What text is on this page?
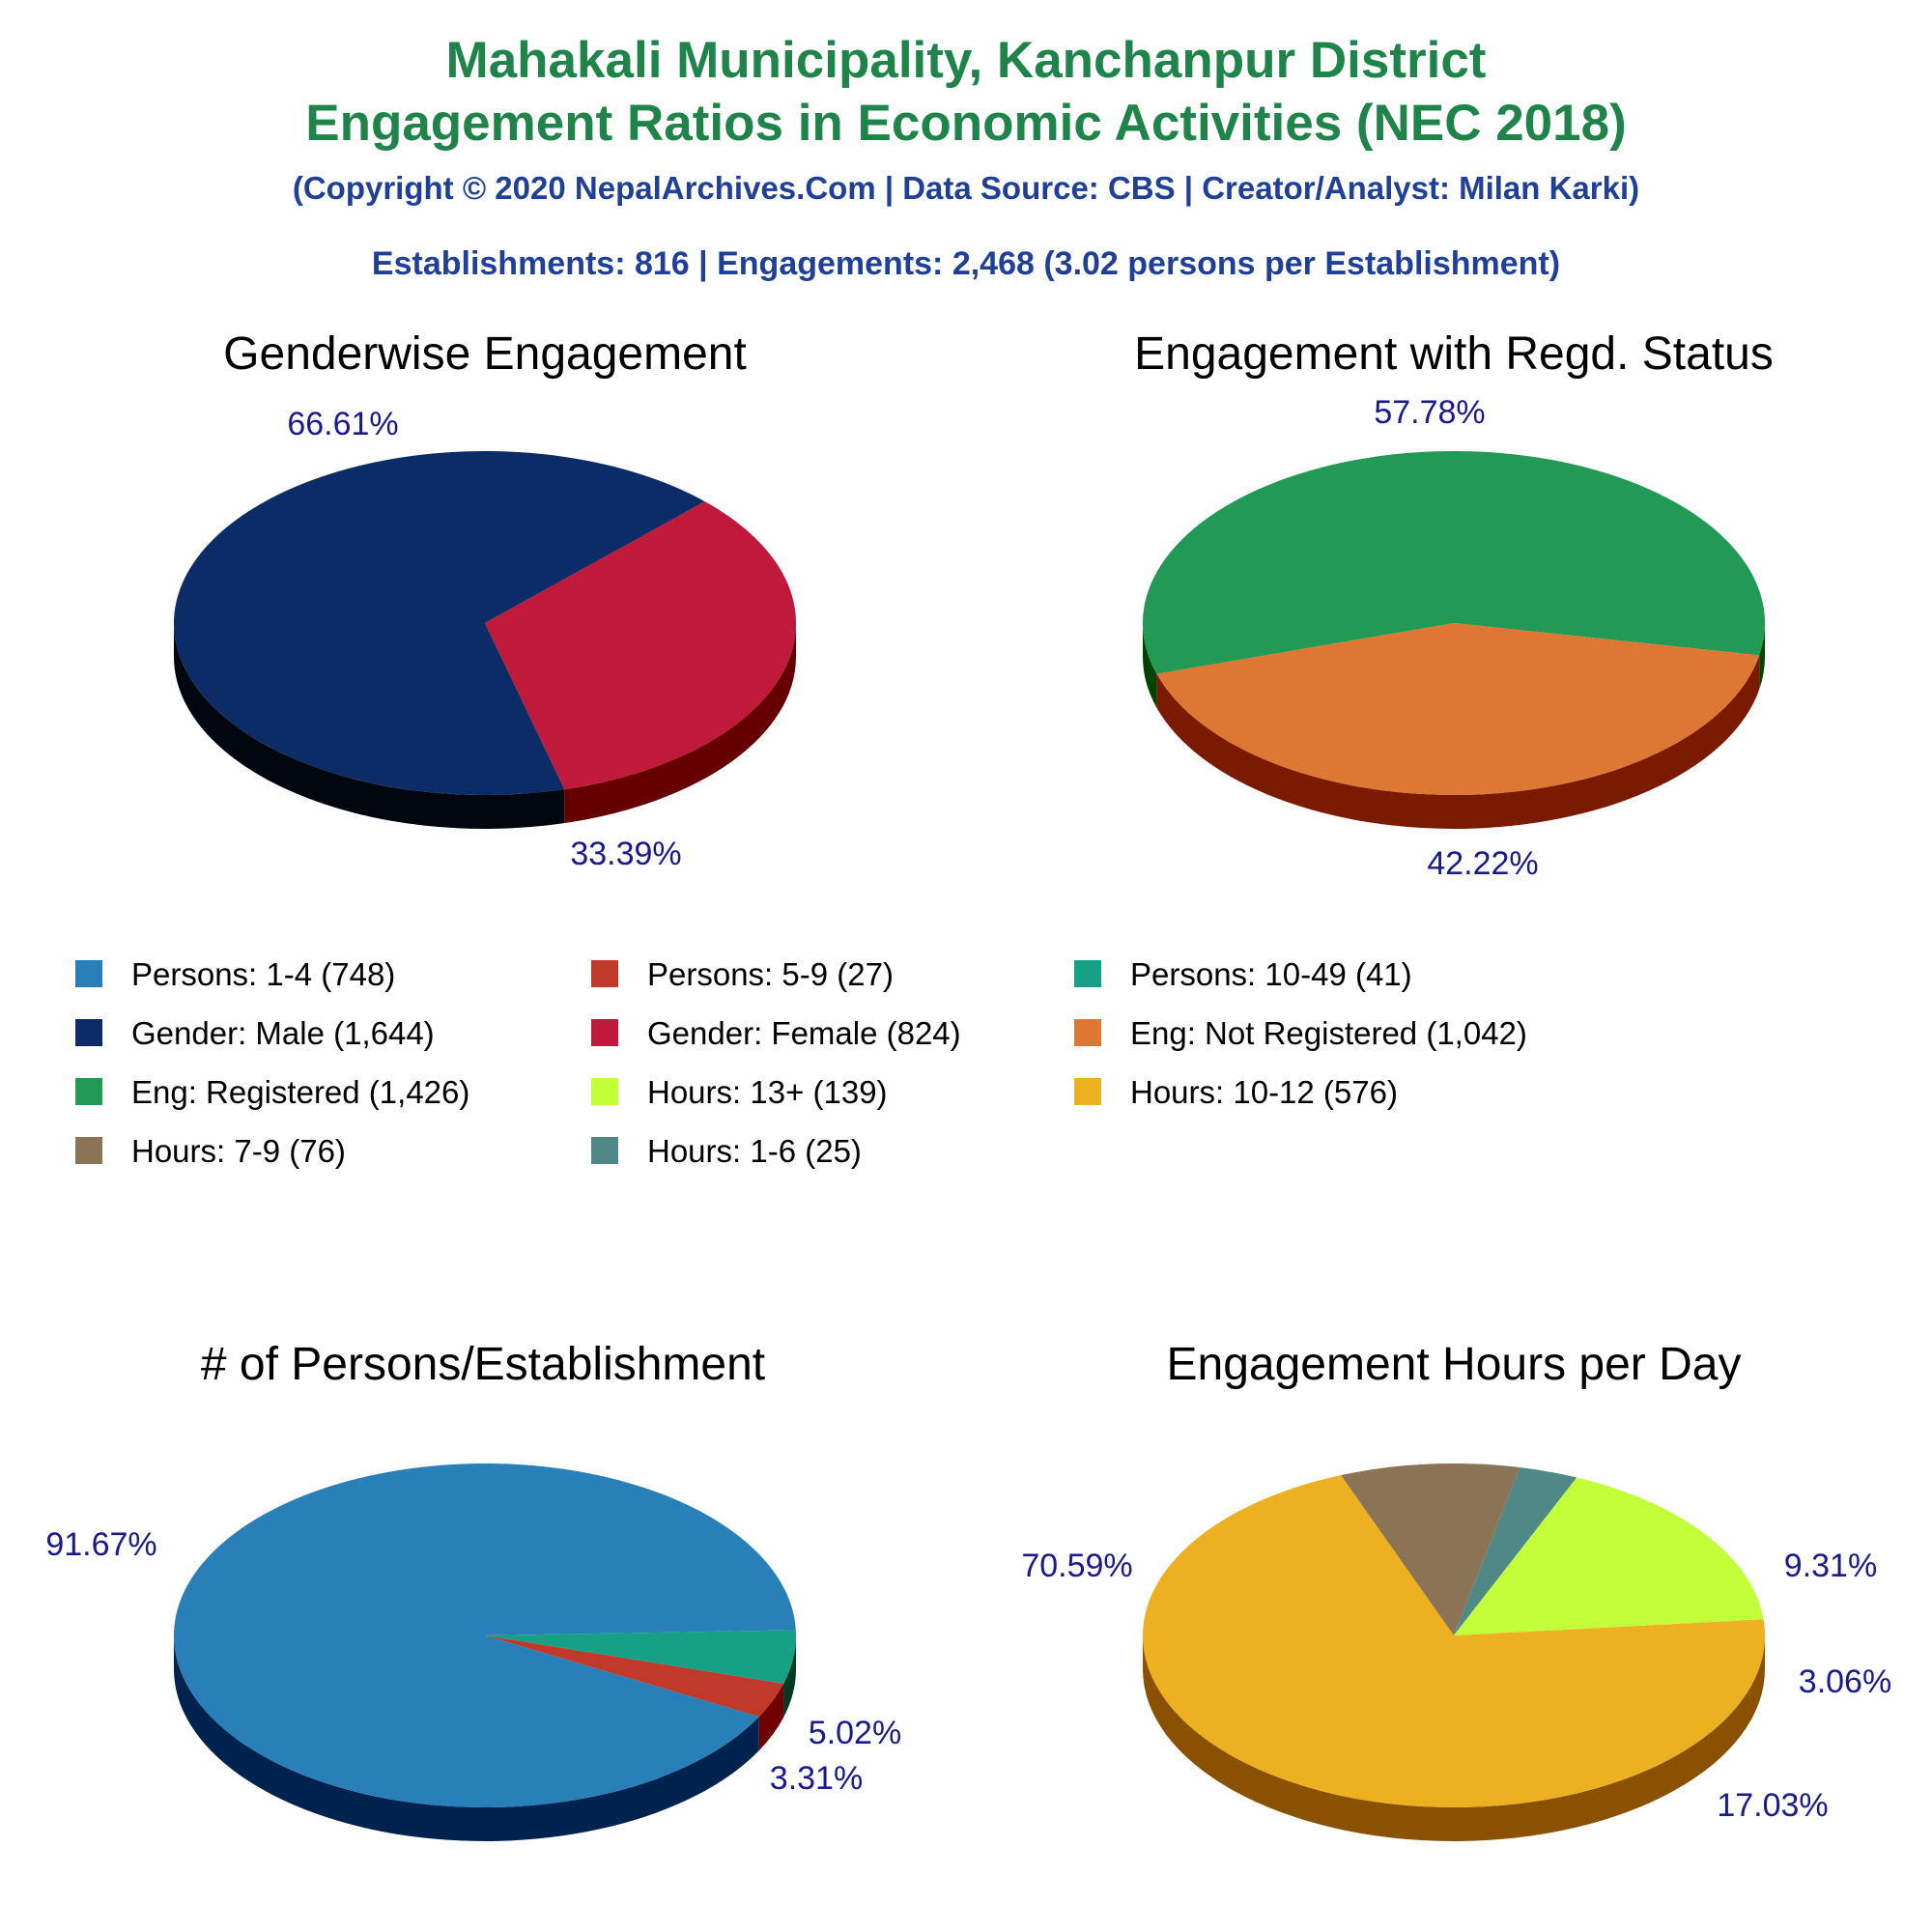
Mahakali Municipality, Kanchanpur District
Engagement Ratios in Economic Activities (NEC 2018)
(Copyright © 2020 NepalArchives.Com | Data Source: CBS | Creator/Analyst: Milan Karki)
Establishments: 816 | Engagements: 2,468 (3.02 persons per Establishment)
Genderwise Engagement
66.61%
33.39%
Engagement with Regd. Status
57.78%
42.22%
Persons: 1-4 (748)	Persons: 5-9 (27)	Persons: 10-49 (41)
Gender: Male (1,644)	Gender: Female (824)	Eng: Not Registered (1,042)
Eng: Registered (1,426)	Hours: 13+ (139)	Hours: 10-12 (576)
Hours: 7-9 (76)	Hours: 1-6 (25)
# of Persons/Establishment
91.67%
3.31%
5.02%
Engagement Hours per Day
70.59%	9.31%
3.06%
17.03%
